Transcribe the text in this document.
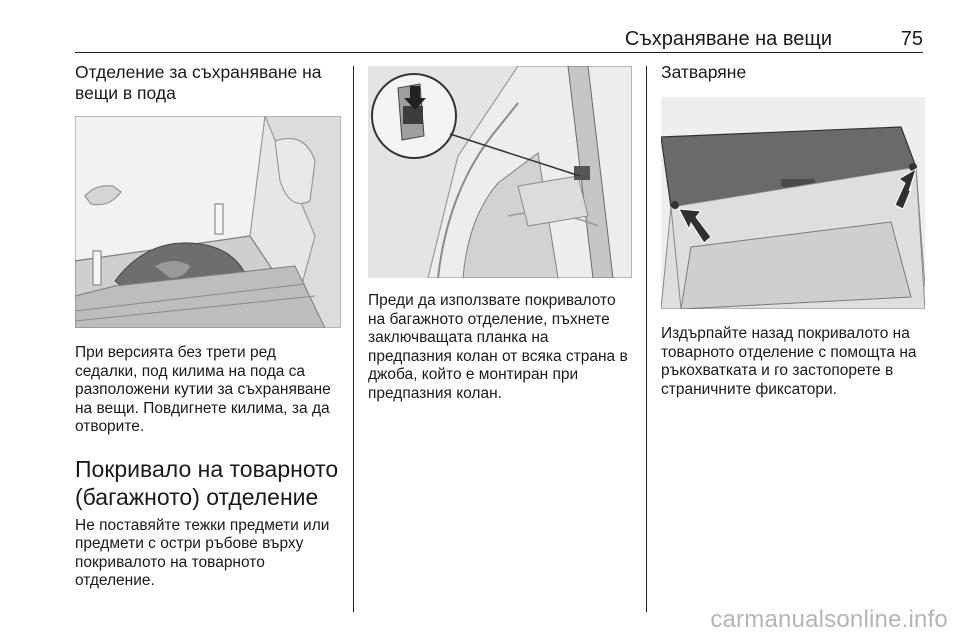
Съхраняване на вещи	75
Отделение за съхраняване на вещи в пода

При версията без трети ред седалки, под килима на пода са разположени кутии за съхраняване на вещи. Повдигнете килима, за да отворите.

Покривало на товарното (багажното) отделение

Не поставяйте тежки предмети или предмети с остри ръбове върху покривалото на товарното отделение.

Преди да използвате покривалото на багажното отделение, пъхнете заключващата планка на предпазния колан от всяка страна в джоба, който е монтиран при предпазния колан.

Затваряне

Издърпайте назад покривалото на товарното отделение с помощта на ръкохватката и го застопорете в страничните фиксатори.

carmanualsonline.info
